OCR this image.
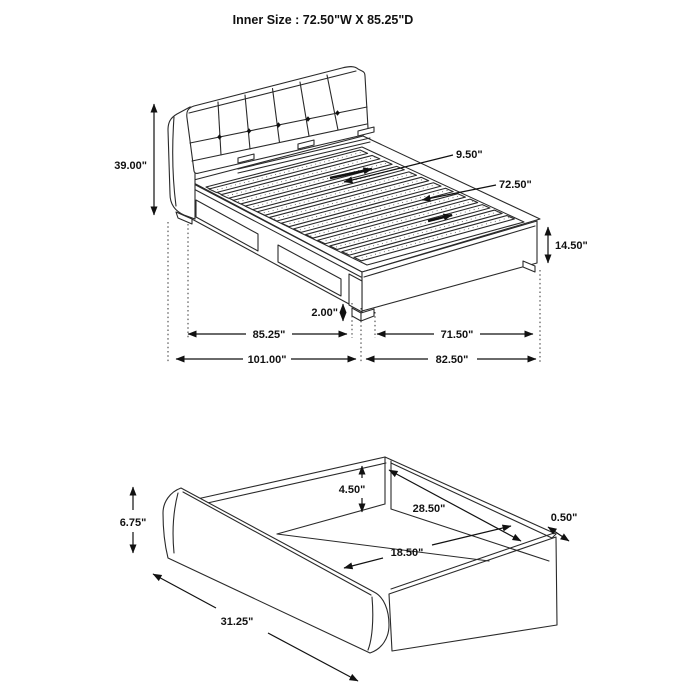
Inner Size : 72.50"W X 85.25"D
39.00"
9.50"
72.50"
14.50"
2.00"
85.25"	71.50"
101.00"	82.50"
6.75"
4.50"
28.50"
0.50"
18.50"
31.25"
